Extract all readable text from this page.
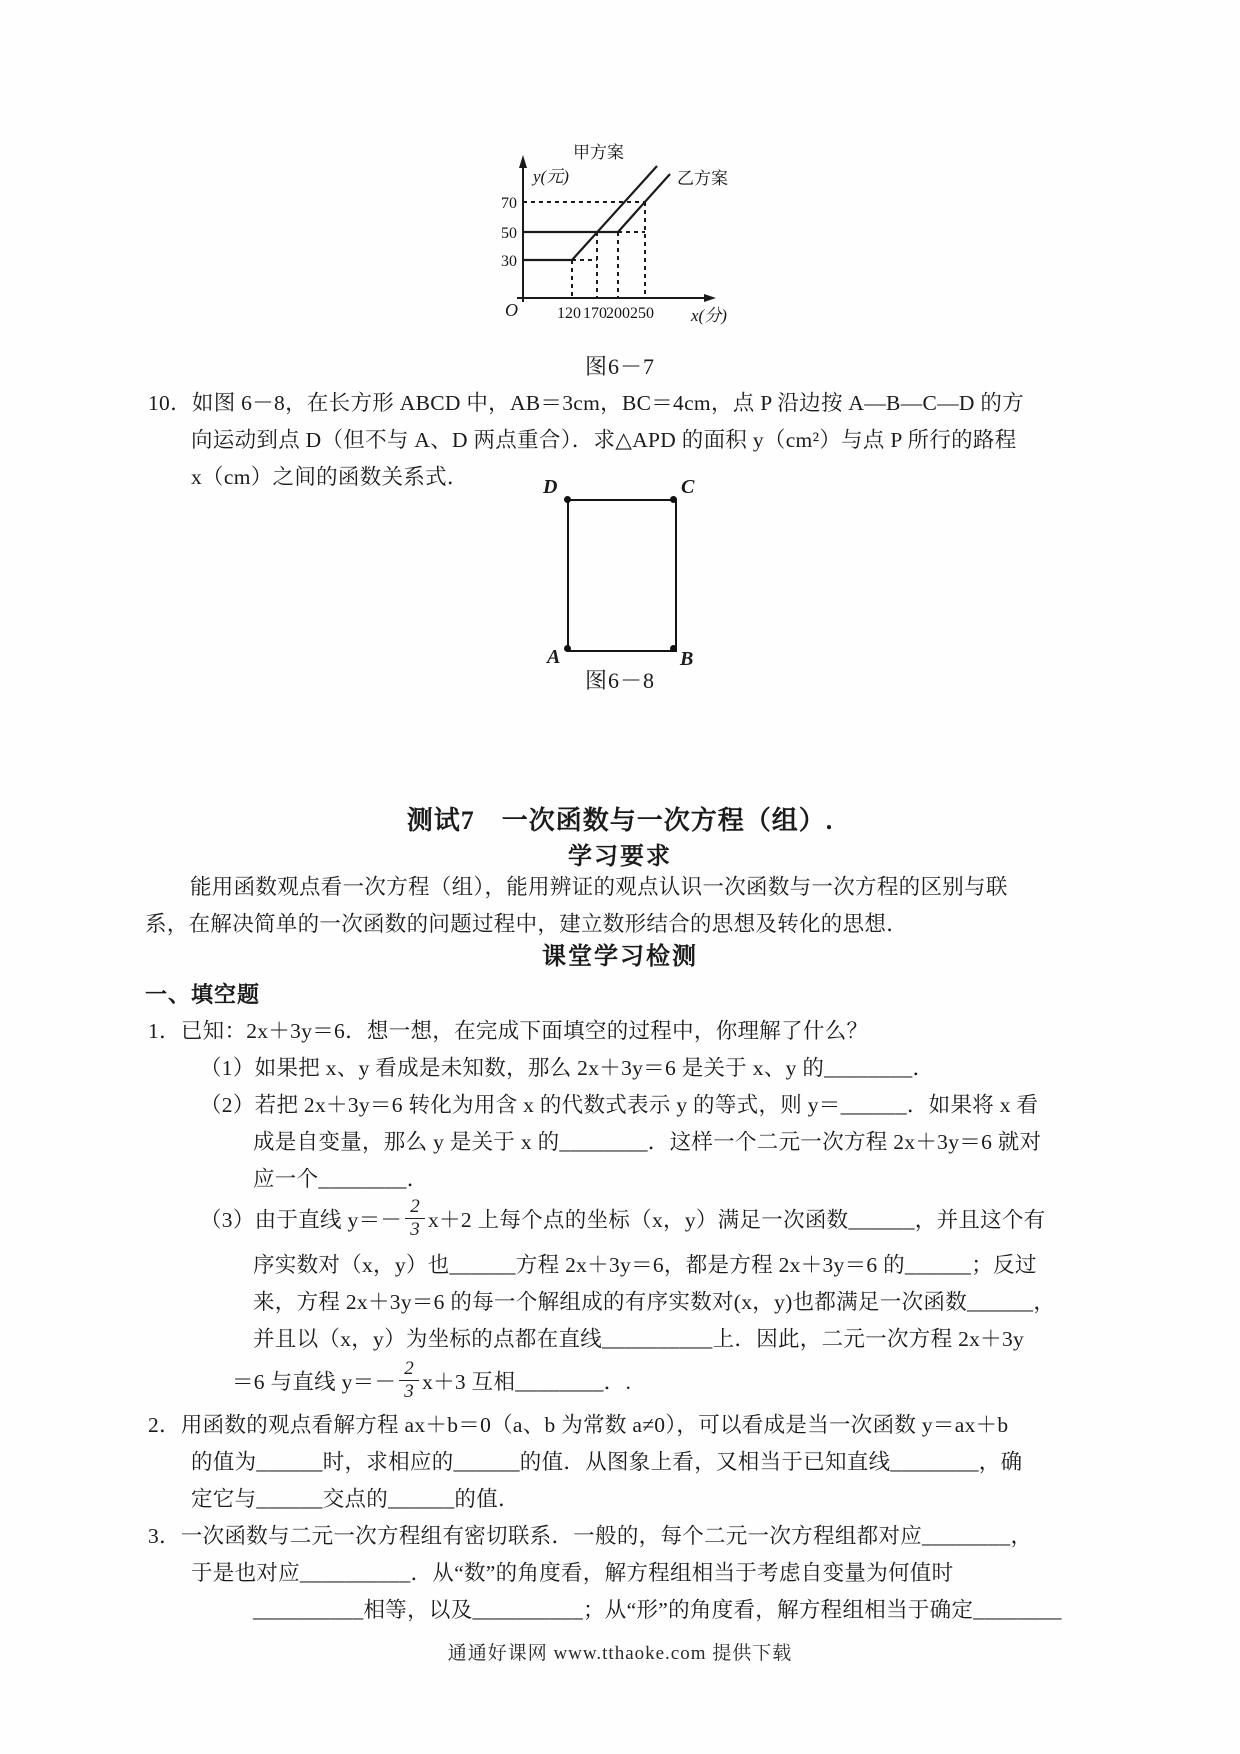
y(元)
x(分)
O
甲方案
乙方案
70
50
30
120 170 200 250
图6－7
10．如图 6－8，在长方形 ABCD 中，AB＝3cm，BC＝4cm，点 P 沿边按 A—B—C—D 的方
向运动到点 D（但不与 A、D 两点重合）．求△APD 的面积 y（cm²）与点 P 所行的路程
x（cm）之间的函数关系式．	D	C
A	B
图6－8
测试7　一次函数与一次方程（组）.
学习要求
能用函数观点看一次方程（组），能用辨证的观点认识一次函数与一次方程的区别与联
系，在解决简单的一次函数的问题过程中，建立数形结合的思想及转化的思想．
课堂学习检测
一、填空题
1．已知：2x＋3y＝6．想一想，在完成下面填空的过程中，你理解了什么？
（1）如果把 x、y 看成是未知数，那么 2x＋3y＝6 是关于 x、y 的________．
（2）若把 2x＋3y＝6 转化为用含 x 的代数式表示 y 的等式，则 y＝______．如果将 x 看
成是自变量，那么 y 是关于 x 的________．这样一个二元一次方程 2x＋3y＝6 就对
应一个________．
（3）由于直线 $y=- \frac{2}{3} x+2$ 上每个点的坐标（x，y）满足一次函数______，并且这个有
序实数对（x，y）也______方程 2x＋3y＝6，都是方程 2x＋3y＝6 的______；反过
来，方程 2x＋3y＝6 的每一个解组成的有序实数对(x，y)也都满足一次函数______，
并且以（x，y）为坐标的点都在直线__________上．因此，二元一次方程 2x＋3y
＝6 与直线 $y=- \frac{2}{3} x+3$ 互相________．.
2．用函数的观点看解方程 ax＋b＝0（a、b 为常数 a≠0），可以看成是当一次函数 y＝ax＋b
的值为______时，求相应的______的值．从图象上看，又相当于已知直线________，确
定它与______交点的______的值．
3．一次函数与二元一次方程组有密切联系．一般的，每个二元一次方程组都对应________，
于是也对应__________．从“数”的角度看，解方程组相当于考虑自变量为何值时
__________相等，以及__________；从“形”的角度看，解方程组相当于确定________
通通好课网 www.tthaoke.com 提供下载
